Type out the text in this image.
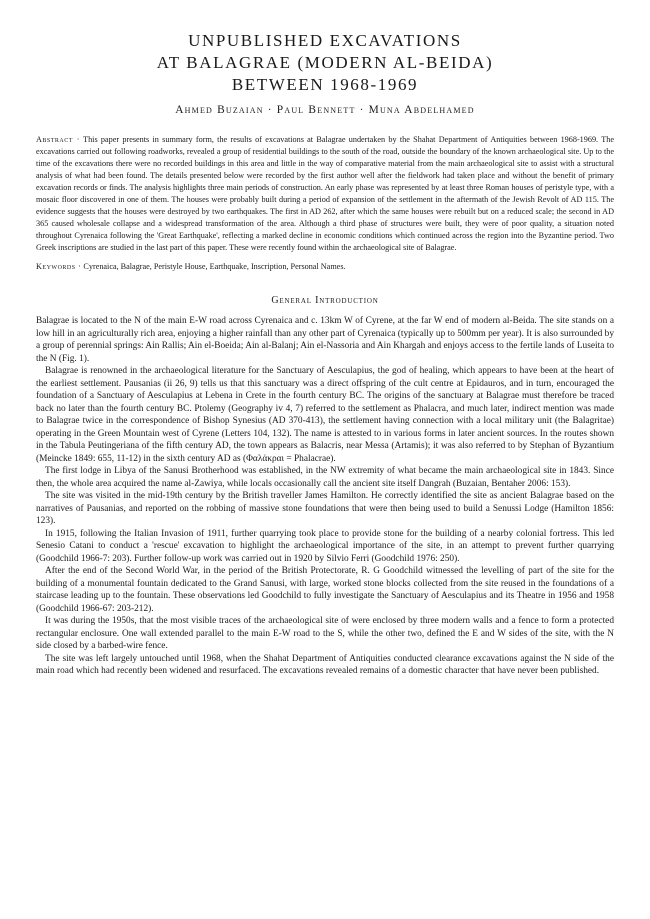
UNPUBLISHED EXCAVATIONS
AT BALAGRAE (MODERN AL-BEIDA)
BETWEEN 1968-1969
Ahmed Buzaian · Paul Bennett · Muna Abdelhamed

Abstract · This paper presents in summary form, the results of excavations at Balagrae undertaken by the Shahat Department of Antiquities between 1968-1969. The excavations carried out following roadworks, revealed a group of residential buildings to the south of the road, outside the boundary of the known archaeological site. Up to the time of the excavations there were no recorded buildings in this area and little in the way of comparative material from the main archaeological site to assist with a structural analysis of what had been found. The details presented below were recorded by the first author well after the fieldwork had taken place and without the benefit of primary excavation records or finds. The analysis highlights three main periods of construction. An early phase was represented by at least three Roman houses of peristyle type, with a mosaic floor discovered in one of them. The houses were probably built during a period of expansion of the settlement in the aftermath of the Jewish Revolt of AD 115. The evidence suggests that the houses were destroyed by two earthquakes. The first in AD 262, after which the same houses were rebuilt but on a reduced scale; the second in AD 365 caused wholesale collapse and a widespread transformation of the area. Although a third phase of structures were built, they were of poor quality, a situation noted throughout Cyrenaica following the 'Great Earthquake', reflecting a marked decline in economic conditions which continued across the region into the Byzantine period. Two Greek inscriptions are studied in the last part of this paper. These were recently found within the archaeological site of Balagrae.

Keywords · Cyrenaica, Balagrae, Peristyle House, Earthquake, Inscription, Personal Names.

General Introduction

Balagrae is located to the N of the main E-W road across Cyrenaica and c. 13km W of Cyrene, at the far W end of modern al-Beida. The site stands on a low hill in an agriculturally rich area, enjoying a higher rainfall than any other part of Cyrenaica (typically up to 500mm per year). It is also surrounded by a group of perennial springs: Ain Rallis; Ain el-Boeida; Ain al-Balanj; Ain el-Nassoria and Ain Khargah and enjoys access to the fertile lands of Luseita to the N (Fig. 1).

Balagrae is renowned in the archaeological literature for the Sanctuary of Aesculapius, the god of healing, which appears to have been at the heart of the earliest settlement. Pausanias (ii 26, 9) tells us that this sanctuary was a direct offspring of the cult centre at Epidauros, and in turn, encouraged the foundation of a Sanctuary of Aesculapius at Lebena in Crete in the fourth century BC. The origins of the sanctuary at Balagrae must therefore be traced back no later than the fourth century BC. Ptolemy (Geography iv 4, 7) referred to the settlement as Phalacra, and much later, indirect mention was made to Balagrae twice in the correspondence of Bishop Synesius (AD 370-413), the settlement having connection with a local military unit (the Balagritae) operating in the Green Mountain west of Cyrene (Letters 104, 132). The name is attested to in various forms in later ancient sources. In the routes shown in the Tabula Peutingeriana of the fifth century AD, the town appears as Balacris, near Messa (Artamis); it was also referred to by Stephan of Byzantium (Meincke 1849: 655, 11-12) in the sixth century AD as (Φαλάκραι = Phalacrae).

The first lodge in Libya of the Sanusi Brotherhood was established, in the NW extremity of what became the main archaeological site in 1843. Since then, the whole area acquired the name al-Zawiya, while locals occasionally call the ancient site itself Dangrah (Buzaian, Bentaher 2006: 153).

The site was visited in the mid-19th century by the British traveller James Hamilton. He correctly identified the site as ancient Balagrae based on the narratives of Pausanias, and reported on the robbing of massive stone foundations that were then being used to build a Senussi Lodge (Hamilton 1856: 123).

In 1915, following the Italian Invasion of 1911, further quarrying took place to provide stone for the building of a nearby colonial fortress. This led Senesio Catani to conduct a 'rescue' excavation to highlight the archaeological importance of the site, in an attempt to prevent further quarrying (Goodchild 1966-7: 203). Further follow-up work was carried out in 1920 by Silvio Ferri (Goodchild 1976: 250).

After the end of the Second World War, in the period of the British Protectorate, R. G Goodchild witnessed the levelling of part of the site for the building of a monumental fountain dedicated to the Grand Sanusi, with large, worked stone blocks collected from the site reused in the foundations of a staircase leading up to the fountain. These observations led Goodchild to fully investigate the Sanctuary of Aesculapius and its Theatre in 1956 and 1958 (Goodchild 1966-67: 203-212).

It was during the 1950s, that the most visible traces of the archaeological site of were enclosed by three modern walls and a fence to form a protected rectangular enclosure. One wall extended parallel to the main E-W road to the S, while the other two, defined the E and W sides of the site, with the N side closed by a barbed-wire fence.

The site was left largely untouched until 1968, when the Shahat Department of Antiquities conducted clearance excavations against the N side of the main road which had recently been widened and resurfaced. The excavations revealed remains of a domestic character that have never been published.
